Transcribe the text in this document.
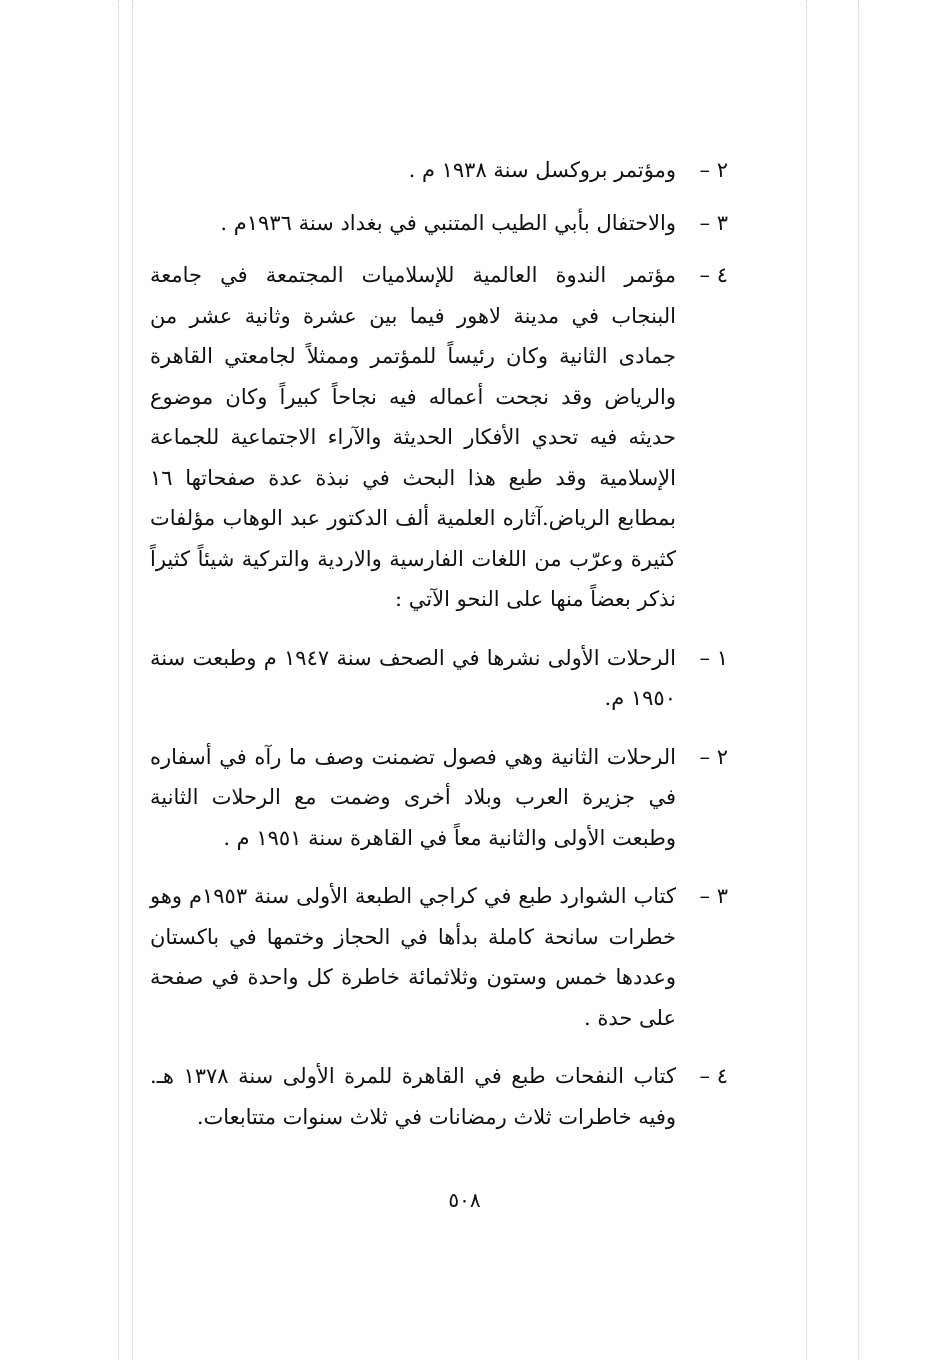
٢ –
ومؤتمر بروكسل سنة ١٩٣٨ م .
٣ –
والاحتفال بأبي الطيب المتنبي في بغداد سنة ١٩٣٦م .
٤ –
مؤتمر الندوة العالمية للإسلاميات المجتمعة في جامعة البنجاب في مدينة لاهور فيما بين عشرة وثانية عشر من جمادى الثانية وكان رئيساً للمؤتمر وممثلاً لجامعتي القاهرة والرياض وقد نجحت أعماله فيه نجاحاً كبيراً وكان موضوع حديثه فيه تحدي الأفكار الحديثة والآراء الاجتماعية للجماعة الإسلامية وقد طبع هذا البحث في نبذة عدة صفحاتها ١٦ بمطابع الرياض.آثاره العلمية ألف الدكتور عبد الوهاب مؤلفات كثيرة وعرّب من اللغات الفارسية والاردية والتركية شيئاً كثيراً نذكر بعضاً منها على النحو الآتي :
١ –
الرحلات الأولى نشرها في الصحف سنة ١٩٤٧ م وطبعت سنة ١٩٥٠ م.
٢ –
الرحلات الثانية وهي فصول تضمنت وصف ما رآه في أسفاره في جزيرة العرب وبلاد أخرى وضمت مع الرحلات الثانية وطبعت الأولى والثانية معاً في القاهرة سنة ١٩٥١ م .
٣ –
كتاب الشوارد طبع في كراجي الطبعة الأولى سنة ١٩٥٣م وهو خطرات سانحة كاملة بدأها في الحجاز وختمها في باكستان وعددها خمس وستون وثلاثمائة خاطرة كل واحدة في صفحة على حدة .
٤ –
كتاب النفحات طبع في القاهرة للمرة الأولى سنة ١٣٧٨ هـ. وفيه خاطرات ثلاث رمضانات في ثلاث سنوات متتابعات.
٥٠٨
